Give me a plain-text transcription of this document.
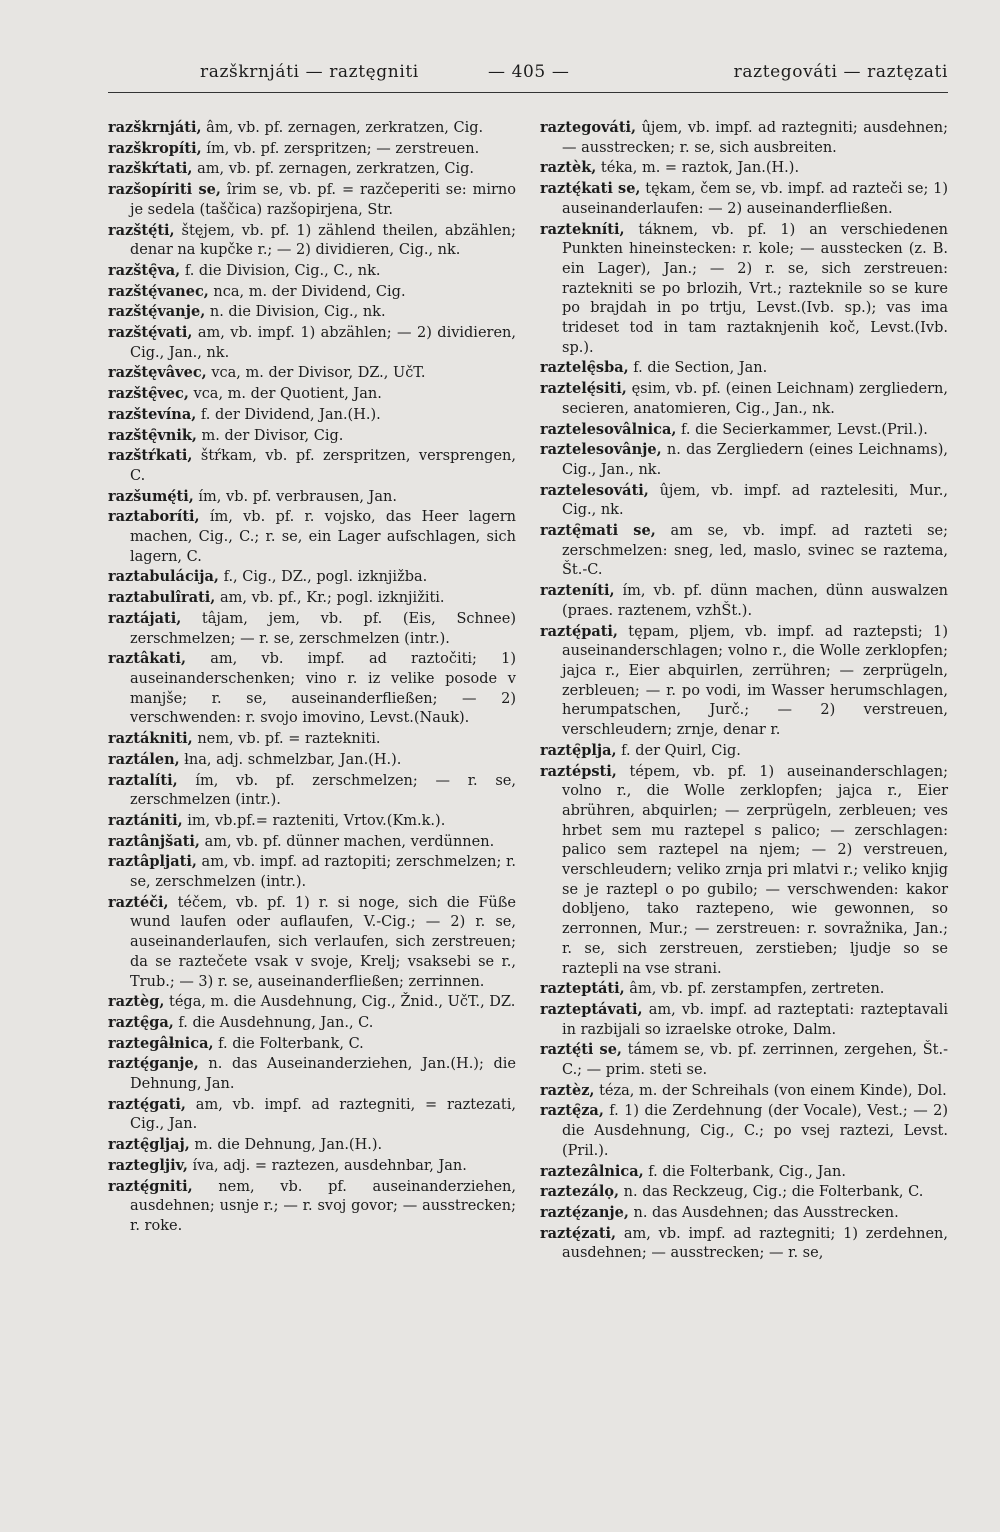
razškrnjáti — raztęgniti	— 405 —	raztegováti — raztęzati

razškrnjáti, âm, vb. pf. zernagen, zerkratzen, Cig.

razškropíti, ím, vb. pf. zerspritzen; — zerstreuen.

razškŕtati, am, vb. pf. zernagen, zerkratzen, Cig.

razšopíriti se, îrim se, vb. pf. = razčeperiti se: mirno je sedela (taščica) razšopirjena, Str.

razštę́ti, štęjem, vb. pf. 1) zählend theilen, abzählen; denar na kupčke r.; — 2) dividieren, Cig., nk.

razštę̑va, f. die Division, Cig., C., nk.

razštę́vanec, nca, m. der Dividend, Cig.

razštę́vanje, n. die Division, Cig., nk.

razštę́vati, am, vb. impf. 1) abzählen; — 2) dividieren, Cig., Jan., nk.

razštęvâvec, vca, m. der Divisor, DZ., UčT.

razštę̑vec, vca, m. der Quotient, Jan.

razštevína, f. der Dividend, Jan.(H.).

razštę̑vnik, m. der Divisor, Cig.

razštŕkati, štŕkam, vb. pf. zerspritzen, versprengen, C.

razšumę́ti, ím, vb. pf. verbrausen, Jan.

raztaboríti, ím, vb. pf. r. vojsko, das Heer lagern machen, Cig., C.; r. se, ein Lager aufschlagen, sich lagern, C.

raztabulácija, f., Cig., DZ., pogl. izknjižba.

raztabulîrati, am, vb. pf., Kr.; pogl. izknjižiti.

raztájati, tâjam, jem, vb. pf. (Eis, Schnee) zerschmelzen; — r. se, zerschmelzen (intr.).

raztâkati, am, vb. impf. ad raztočiti; 1) auseinanderschenken; vino r. iz velike posode v manjše; r. se, auseinanderfließen; — 2) verschwenden: r. svojo imovino, Levst.(Nauk).

raztákniti, nem, vb. pf. = raztekniti.

raztálen, ƚna, adj. schmelzbar, Jan.(H.).

raztalíti, ím, vb. pf. zerschmelzen; — r. se, zerschmelzen (intr.).

raztániti, im, vb.pf.= razteniti, Vrtov.(Km.k.).

raztânjšati, am, vb. pf. dünner machen, verdünnen.

raztâpljati, am, vb. impf. ad raztopiti; zerschmelzen; r. se, zerschmelzen (intr.).

raztéči, téčem, vb. pf. 1) r. si noge, sich die Füße wund laufen oder auflaufen, V.-Cig.; — 2) r. se, auseinanderlaufen, sich verlaufen, sich zerstreuen; da se raztečete vsak v svoje, Krelj; vsaksebi se r., Trub.; — 3) r. se, auseinanderfließen; zerrinnen.

raztèg, téga, m. die Ausdehnung, Cig., Žnid., UčT., DZ.

raztę̑ga, f. die Ausdehnung, Jan., C.

raztegâƚnica, f. die Folterbank, C.

raztę́ganje, n. das Auseinanderziehen, Jan.(H.); die Dehnung, Jan.

raztę́gati, am, vb. impf. ad raztegniti, = raztezati, Cig., Jan.

raztę̑gljaj, m. die Dehnung, Jan.(H.).

raztegljiv, íva, adj. = raztezen, ausdehnbar, Jan.

raztę́gniti, nem, vb. pf. auseinanderziehen, ausdehnen; usnje r.; — r. svoj govor; — ausstrecken; r. roke.

raztegováti, ûjem, vb. impf. ad raztegniti; ausdehnen; — ausstrecken; r. se, sich ausbreiten.

raztèk, téka, m. = raztok, Jan.(H.).

raztę́kati se, tękam, čem se, vb. impf. ad razteči se; 1) auseinanderlaufen: — 2) auseinanderfließen.

raztekníti, táknem, vb. pf. 1) an verschiedenen Punkten hineinstecken: r. kole; — ausstecken (z. B. ein Lager), Jan.; — 2) r. se, sich zerstreuen: raztekniti se po brlozih, Vrt.; razteknile so se kure po brajdah in po trtju, Levst.(Ivb. sp.); vas ima trideset tod in tam raztaknjenih koč, Levst.(Ivb. sp.).

raztelę̑sba, f. die Section, Jan.

raztelę́siti, ęsim, vb. pf. (einen Leichnam) zergliedern, secieren, anatomieren, Cig., Jan., nk.

raztelesovâlnica, f. die Secierkammer, Levst.(Pril.).

raztelesovânje, n. das Zergliedern (eines Leichnams), Cig., Jan., nk.

raztelesováti, ûjem, vb. impf. ad raztelesiti, Mur., Cig., nk.

raztę̑mati se, am se, vb. impf. ad razteti se; zerschmelzen: sneg, led, maslo, svinec se raztema, Št.-C.

razteníti, ím, vb. pf. dünn machen, dünn auswalzen (praes. raztenem, vzhŠt.).

raztę́pati, tępam, pljem, vb. impf. ad raztepsti; 1) auseinanderschlagen; volno r., die Wolle zerklopfen; jajca r., Eier abquirlen, zerrühren; — zerprügeln, zerbleuen; — r. po vodi, im Wasser herumschlagen, herumpatschen, Jurč.; — 2) verstreuen, verschleudern; zrnje, denar r.

raztę̑plja, f. der Quirl, Cig.

raztépsti, tépem, vb. pf. 1) auseinanderschlagen; volno r., die Wolle zerklopfen; jajca r., Eier abrühren, abquirlen; — zerprügeln, zerbleuen; ves hrbet sem mu raztepel s palico; — zerschlagen: palico sem raztepel na njem; — 2) verstreuen, verschleudern; veliko zrnja pri mlatvi r.; veliko knjig se je raztepl o po gubilo; — verschwenden: kakor dobljeno, tako raztepeno, wie gewonnen, so zerronnen, Mur.; — zerstreuen: r. sovražnika, Jan.; r. se, sich zerstreuen, zerstieben; ljudje so se raztepli na vse strani.

razteptáti, âm, vb. pf. zerstampfen, zertreten.

razteptávati, am, vb. impf. ad razteptati: razteptavali in razbijali so izraelske otroke, Dalm.

raztę́ti se, támem se, vb. pf. zerrinnen, zergehen, Št.-C.; — prim. steti se.

raztèz, téza, m. der Schreihals (von einem Kinde), Dol.

raztę̑za, f. 1) die Zerdehnung (der Vocale), Vest.; — 2) die Ausdehnung, Cig., C.; po vsej raztezi, Levst.(Pril.).

raztezâlnica, f. die Folterbank, Cig., Jan.

raztezálọ, n. das Reckzeug, Cig.; die Folterbank, C.

raztę́zanje, n. das Ausdehnen; das Ausstrecken.

raztę́zati, am, vb. impf. ad raztegniti; 1) zerdehnen, ausdehnen; — ausstrecken; — r. se,
